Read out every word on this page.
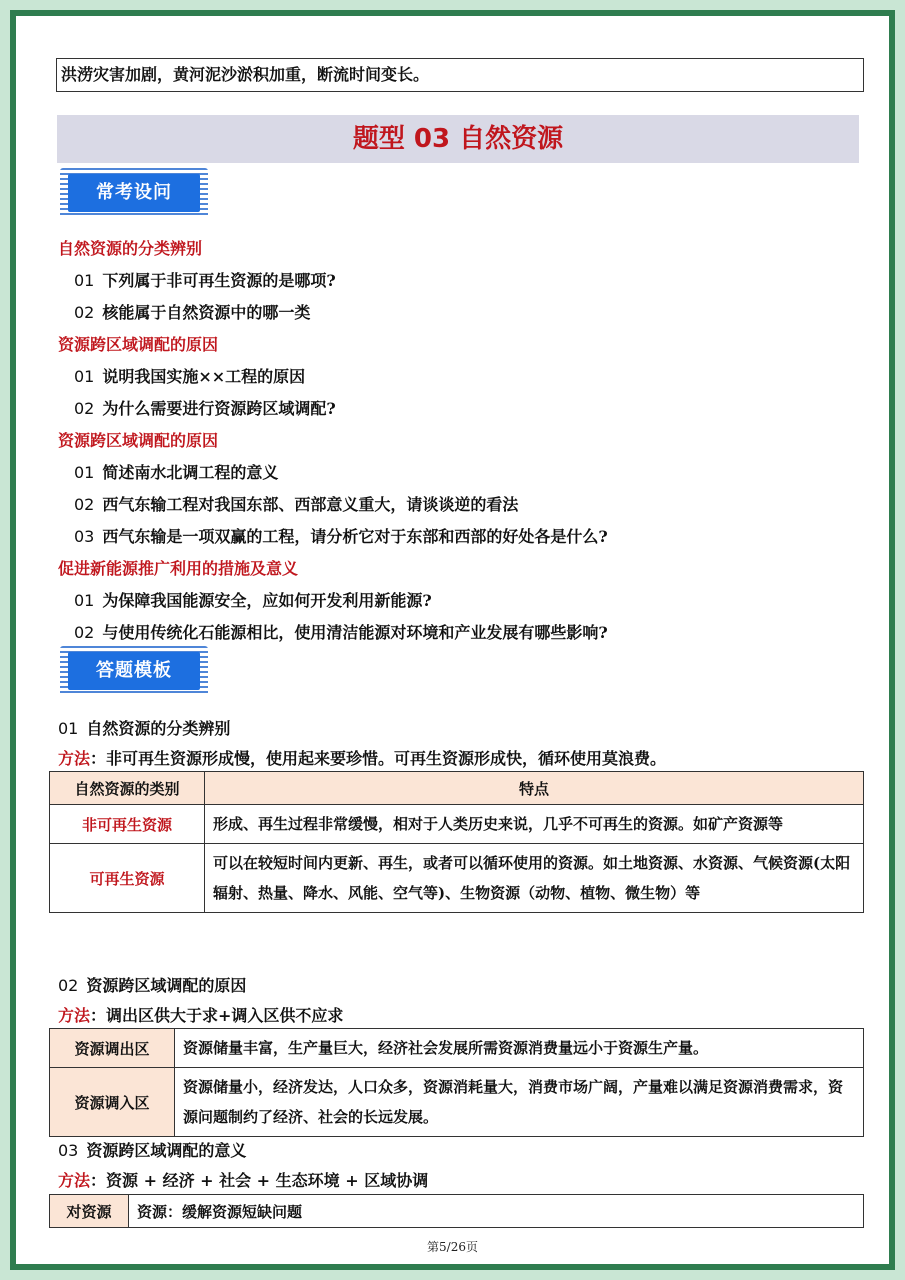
洪涝灾害加剧，黄河泥沙淤积加重，断流时间变长。
题型 03 自然资源
常考设问
自然资源的分类辨别
01 下列属于非可再生资源的是哪项?
02 核能属于自然资源中的哪一类
资源跨区域调配的原因
01 说明我国实施××工程的原因
02 为什么需要进行资源跨区域调配?
资源跨区域调配的原因
01 简述南水北调工程的意义
02 西气东输工程对我国东部、西部意义重大，请谈谈逆的看法
03 西气东输是一项双赢的工程，请分析它对于东部和西部的好处各是什么?
促进新能源推广利用的措施及意义
01 为保障我国能源安全，应如何开发利用新能源?
02 与使用传统化石能源相比，使用清洁能源对环境和产业发展有哪些影响?
答题模板
01 自然资源的分类辨别
方法：非可再生资源形成慢，使用起来要珍惜。可再生资源形成快，循环使用莫浪费。
自然资源的类别	特点
非可再生资源	形成、再生过程非常缓慢，相对于人类历史来说，几乎不可再生的资源。如矿产资源等
可再生资源	可以在较短时间内更新、再生，或者可以循环使用的资源。如土地资源、水资源、气候资源(太阳辐射、热量、降水、风能、空气等)、生物资源（动物、植物、微生物）等
02 资源跨区域调配的原因
方法：调出区供大于求+调入区供不应求
资源调出区	资源储量丰富，生产量巨大，经济社会发展所需资源消费量远小于资源生产量。
资源调入区	资源储量小，经济发达，人口众多，资源消耗量大，消费市场广阔，产量难以满足资源消费需求，资源问题制约了经济、社会的长远发展。
03 资源跨区域调配的意义
方法：资源 + 经济 + 社会 + 生态环境 + 区域协调
对资源	资源：缓解资源短缺问题
第5/26页
